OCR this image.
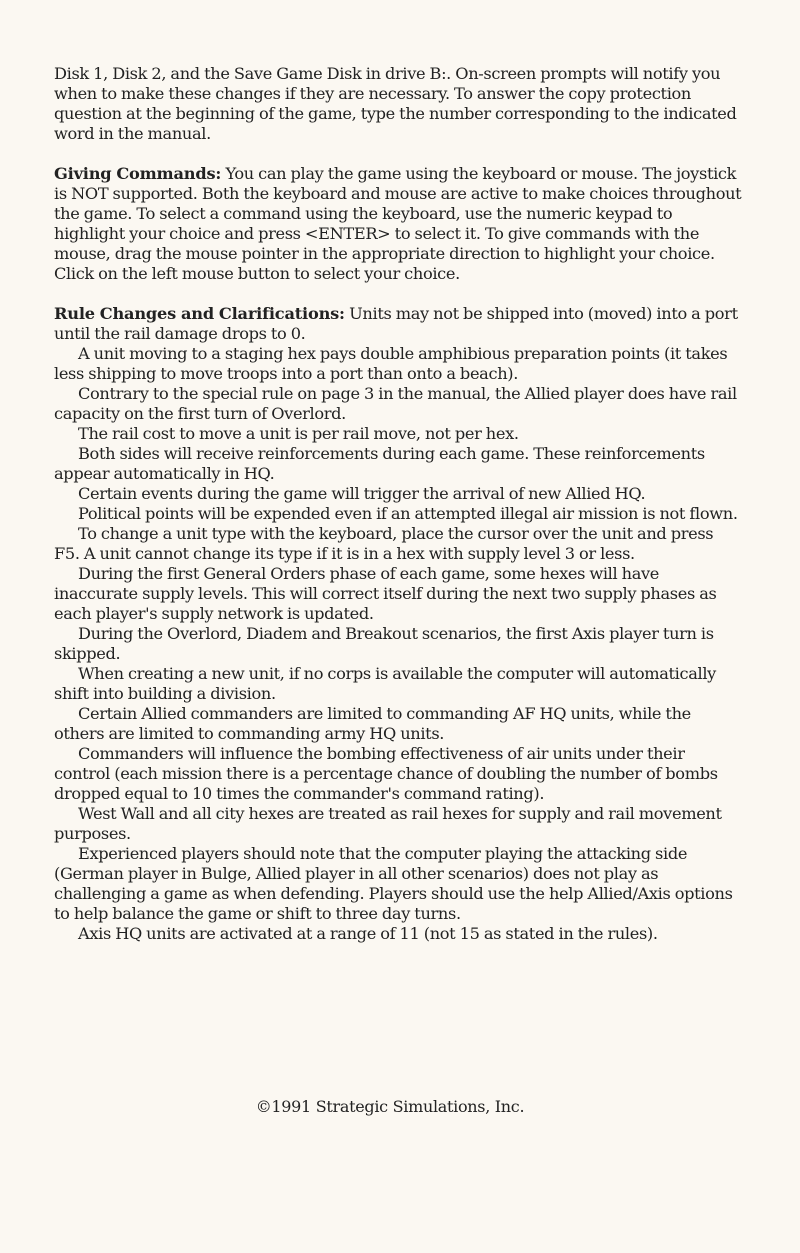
Disk 1, Disk 2, and the Save Game Disk in drive B:. On-screen prompts will notify you when to make these changes if they are necessary. To answer the copy protection question at the beginning of the game, type the number corresponding to the indicated word in the manual.

Giving Commands: You can play the game using the keyboard or mouse. The joystick is NOT supported. Both the keyboard and mouse are active to make choices throughout the game. To select a command using the keyboard, use the numeric keypad to highlight your choice and press <ENTER> to select it. To give commands with the mouse, drag the mouse pointer in the appropriate direction to highlight your choice. Click on the left mouse button to select your choice.

Rule Changes and Clarifications: Units may not be shipped into (moved) into a port until the rail damage drops to 0.

A unit moving to a staging hex pays double amphibious preparation points (it takes less shipping to move troops into a port than onto a beach).

Contrary to the special rule on page 3 in the manual, the Allied player does have rail capacity on the first turn of Overlord.

The rail cost to move a unit is per rail move, not per hex.

Both sides will receive reinforcements during each game. These reinforcements appear automatically in HQ.

Certain events during the game will trigger the arrival of new Allied HQ.

Political points will be expended even if an attempted illegal air mission is not flown.

To change a unit type with the keyboard, place the cursor over the unit and press F5. A unit cannot change its type if it is in a hex with supply level 3 or less.

During the first General Orders phase of each game, some hexes will have inaccurate supply levels. This will correct itself during the next two supply phases as each player's supply network is updated.

During the Overlord, Diadem and Breakout scenarios, the first Axis player turn is skipped.

When creating a new unit, if no corps is available the computer will automatically shift into building a division.

Certain Allied commanders are limited to commanding AF HQ units, while the others are limited to commanding army HQ units.

Commanders will influence the bombing effectiveness of air units under their control (each mission there is a percentage chance of doubling the number of bombs dropped equal to 10 times the commander's command rating).

West Wall and all city hexes are treated as rail hexes for supply and rail movement purposes.

Experienced players should note that the computer playing the attacking side (German player in Bulge, Allied player in all other scenarios) does not play as challenging a game as when defending. Players should use the help Allied/Axis options to help balance the game or shift to three day turns.

Axis HQ units are activated at a range of 11 (not 15 as stated in the rules).

©1991 Strategic Simulations, Inc.
